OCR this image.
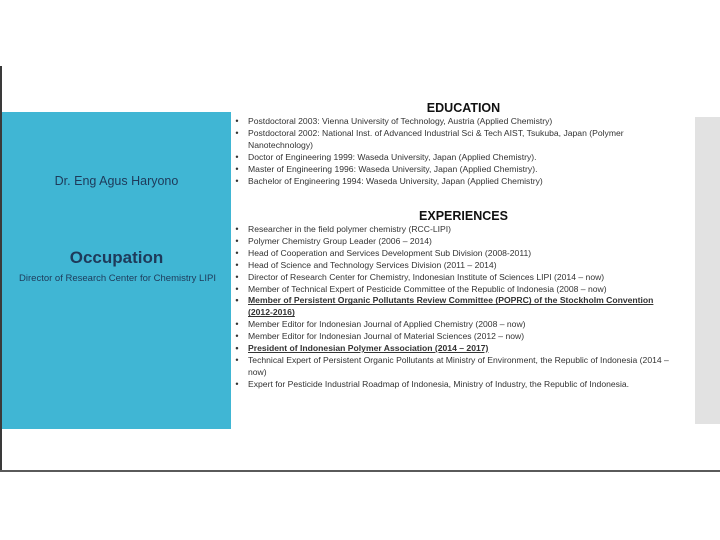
Dr. Eng Agus Haryono
Occupation
Director of Research Center for Chemistry LIPI
EDUCATION
• Postdoctoral 2003: Vienna University of Technology, Austria (Applied Chemistry)
• Postdoctoral 2002: National Inst. of Advanced Industrial Sci & Tech AIST, Tsukuba, Japan (Polymer Nanotechnology)
• Doctor of Engineering 1999: Waseda University, Japan (Applied Chemistry).
• Master of Engineering 1996: Waseda University, Japan (Applied Chemistry).
• Bachelor of Engineering 1994: Waseda University, Japan (Applied Chemistry)
EXPERIENCES
• Researcher in the field polymer chemistry (RCC-LIPI)
• Polymer Chemistry Group Leader (2006 – 2014)
• Head of Cooperation and Services Development Sub Division (2008-2011)
• Head of Science and Technology Services Division (2011 – 2014)
• Director of Research Center for Chemistry, Indonesian Institute of Sciences LIPI (2014 – now)
• Member of Technical Expert of Pesticide Committee of the Republic of Indonesia (2008 – now)
• Member of Persistent Organic Pollutants Review Committee (POPRC) of the Stockholm Convention (2012-2016)
• Member Editor for Indonesian Journal of Applied Chemistry (2008 – now)
• Member Editor for Indonesian Journal of Material Sciences (2012 – now)
• President of Indonesian Polymer Association (2014 – 2017)
• Technical Expert of Persistent Organic Pollutants at Ministry of Environment, the Republic of Indonesia (2014 – now)
• Expert for Pesticide Industrial Roadmap of Indonesia, Ministry of Industry, the Republic of Indonesia.
